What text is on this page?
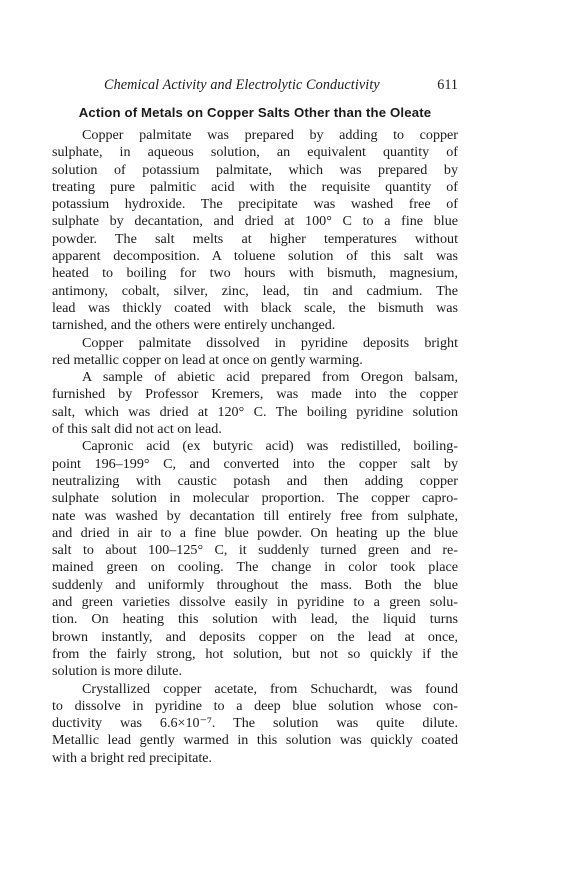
Chemical Activity and Electrolytic Conductivity	611
Action of Metals on Copper Salts Other than the Oleate
Copper palmitate was prepared by adding to copper
sulphate, in aqueous solution, an equivalent quantity of
solution of potassium palmitate, which was prepared by
treating pure palmitic acid with the requisite quantity of
potassium hydroxide. The precipitate was washed free of
sulphate by decantation, and dried at 100° C to a fine blue
powder. The salt melts at higher temperatures without
apparent decomposition. A toluene solution of this salt was
heated to boiling for two hours with bismuth, magnesium,
antimony, cobalt, silver, zinc, lead, tin and cadmium. The
lead was thickly coated with black scale, the bismuth was
tarnished, and the others were entirely unchanged.
Copper palmitate dissolved in pyridine deposits bright
red metallic copper on lead at once on gently warming.
A sample of abietic acid prepared from Oregon balsam,
furnished by Professor Kremers, was made into the copper
salt, which was dried at 120° C. The boiling pyridine solution
of this salt did not act on lead.
Capronic acid (ex butyric acid) was redistilled, boiling-
point 196–199° C, and converted into the copper salt by
neutralizing with caustic potash and then adding copper
sulphate solution in molecular proportion. The copper capro-
nate was washed by decantation till entirely free from sulphate,
and dried in air to a fine blue powder. On heating up the blue
salt to about 100–125° C, it suddenly turned green and re-
mained green on cooling. The change in color took place
suddenly and uniformly throughout the mass. Both the blue
and green varieties dissolve easily in pyridine to a green solu-
tion. On heating this solution with lead, the liquid turns
brown instantly, and deposits copper on the lead at once,
from the fairly strong, hot solution, but not so quickly if the
solution is more dilute.
Crystallized copper acetate, from Schuchardt, was found
to dissolve in pyridine to a deep blue solution whose con-
ductivity was 6.6×10⁻⁷. The solution was quite dilute.
Metallic lead gently warmed in this solution was quickly coated
with a bright red precipitate.
